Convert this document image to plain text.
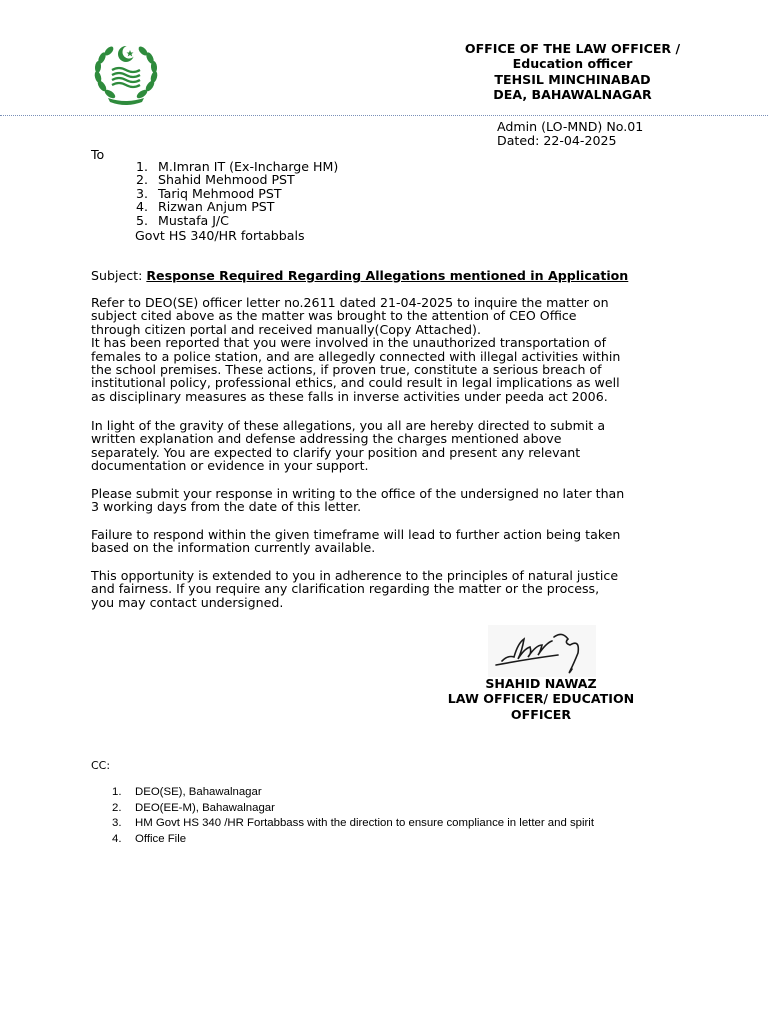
OFFICE OF THE LAW OFFICER /
Education officer
TEHSIL MINCHINABAD
DEA, BAHAWALNAGAR
Admin (LO-MND) No.01
Dated: 22-04-2025
To
1. M.Imran IT (Ex-Incharge HM)
2. Shahid Mehmood PST
3. Tariq Mehmood PST
4. Rizwan Anjum PST
5. Mustafa J/C
Govt HS 340/HR fortabbals
Subject: Response Required Regarding Allegations mentioned in Application
Refer to DEO(SE) officer letter no.2611 dated 21-04-2025 to inquire the matter on
subject cited above as the matter was brought to the attention of CEO Office
through citizen portal and received manually(Copy Attached).
It has been reported that you were involved in the unauthorized transportation of
females to a police station, and are allegedly connected with illegal activities within
the school premises. These actions, if proven true, constitute a serious breach of
institutional policy, professional ethics, and could result in legal implications as well
as disciplinary measures as these falls in inverse activities under peeda act 2006.
In light of the gravity of these allegations, you all are hereby directed to submit a
written explanation and defense addressing the charges mentioned above
separately. You are expected to clarify your position and present any relevant
documentation or evidence in your support.
Please submit your response in writing to the office of the undersigned no later than
3 working days from the date of this letter.
Failure to respond within the given timeframe will lead to further action being taken
based on the information currently available.
This opportunity is extended to you in adherence to the principles of natural justice
and fairness. If you require any clarification regarding the matter or the process,
you may contact undersigned.
SHAHID NAWAZ
LAW OFFICER/ EDUCATION
OFFICER
CC:
1. DEO(SE), Bahawalnagar
2. DEO(EE-M), Bahawalnagar
3. HM Govt HS 340 /HR Fortabbass with the direction to ensure compliance in letter and spirit
4. Office File
